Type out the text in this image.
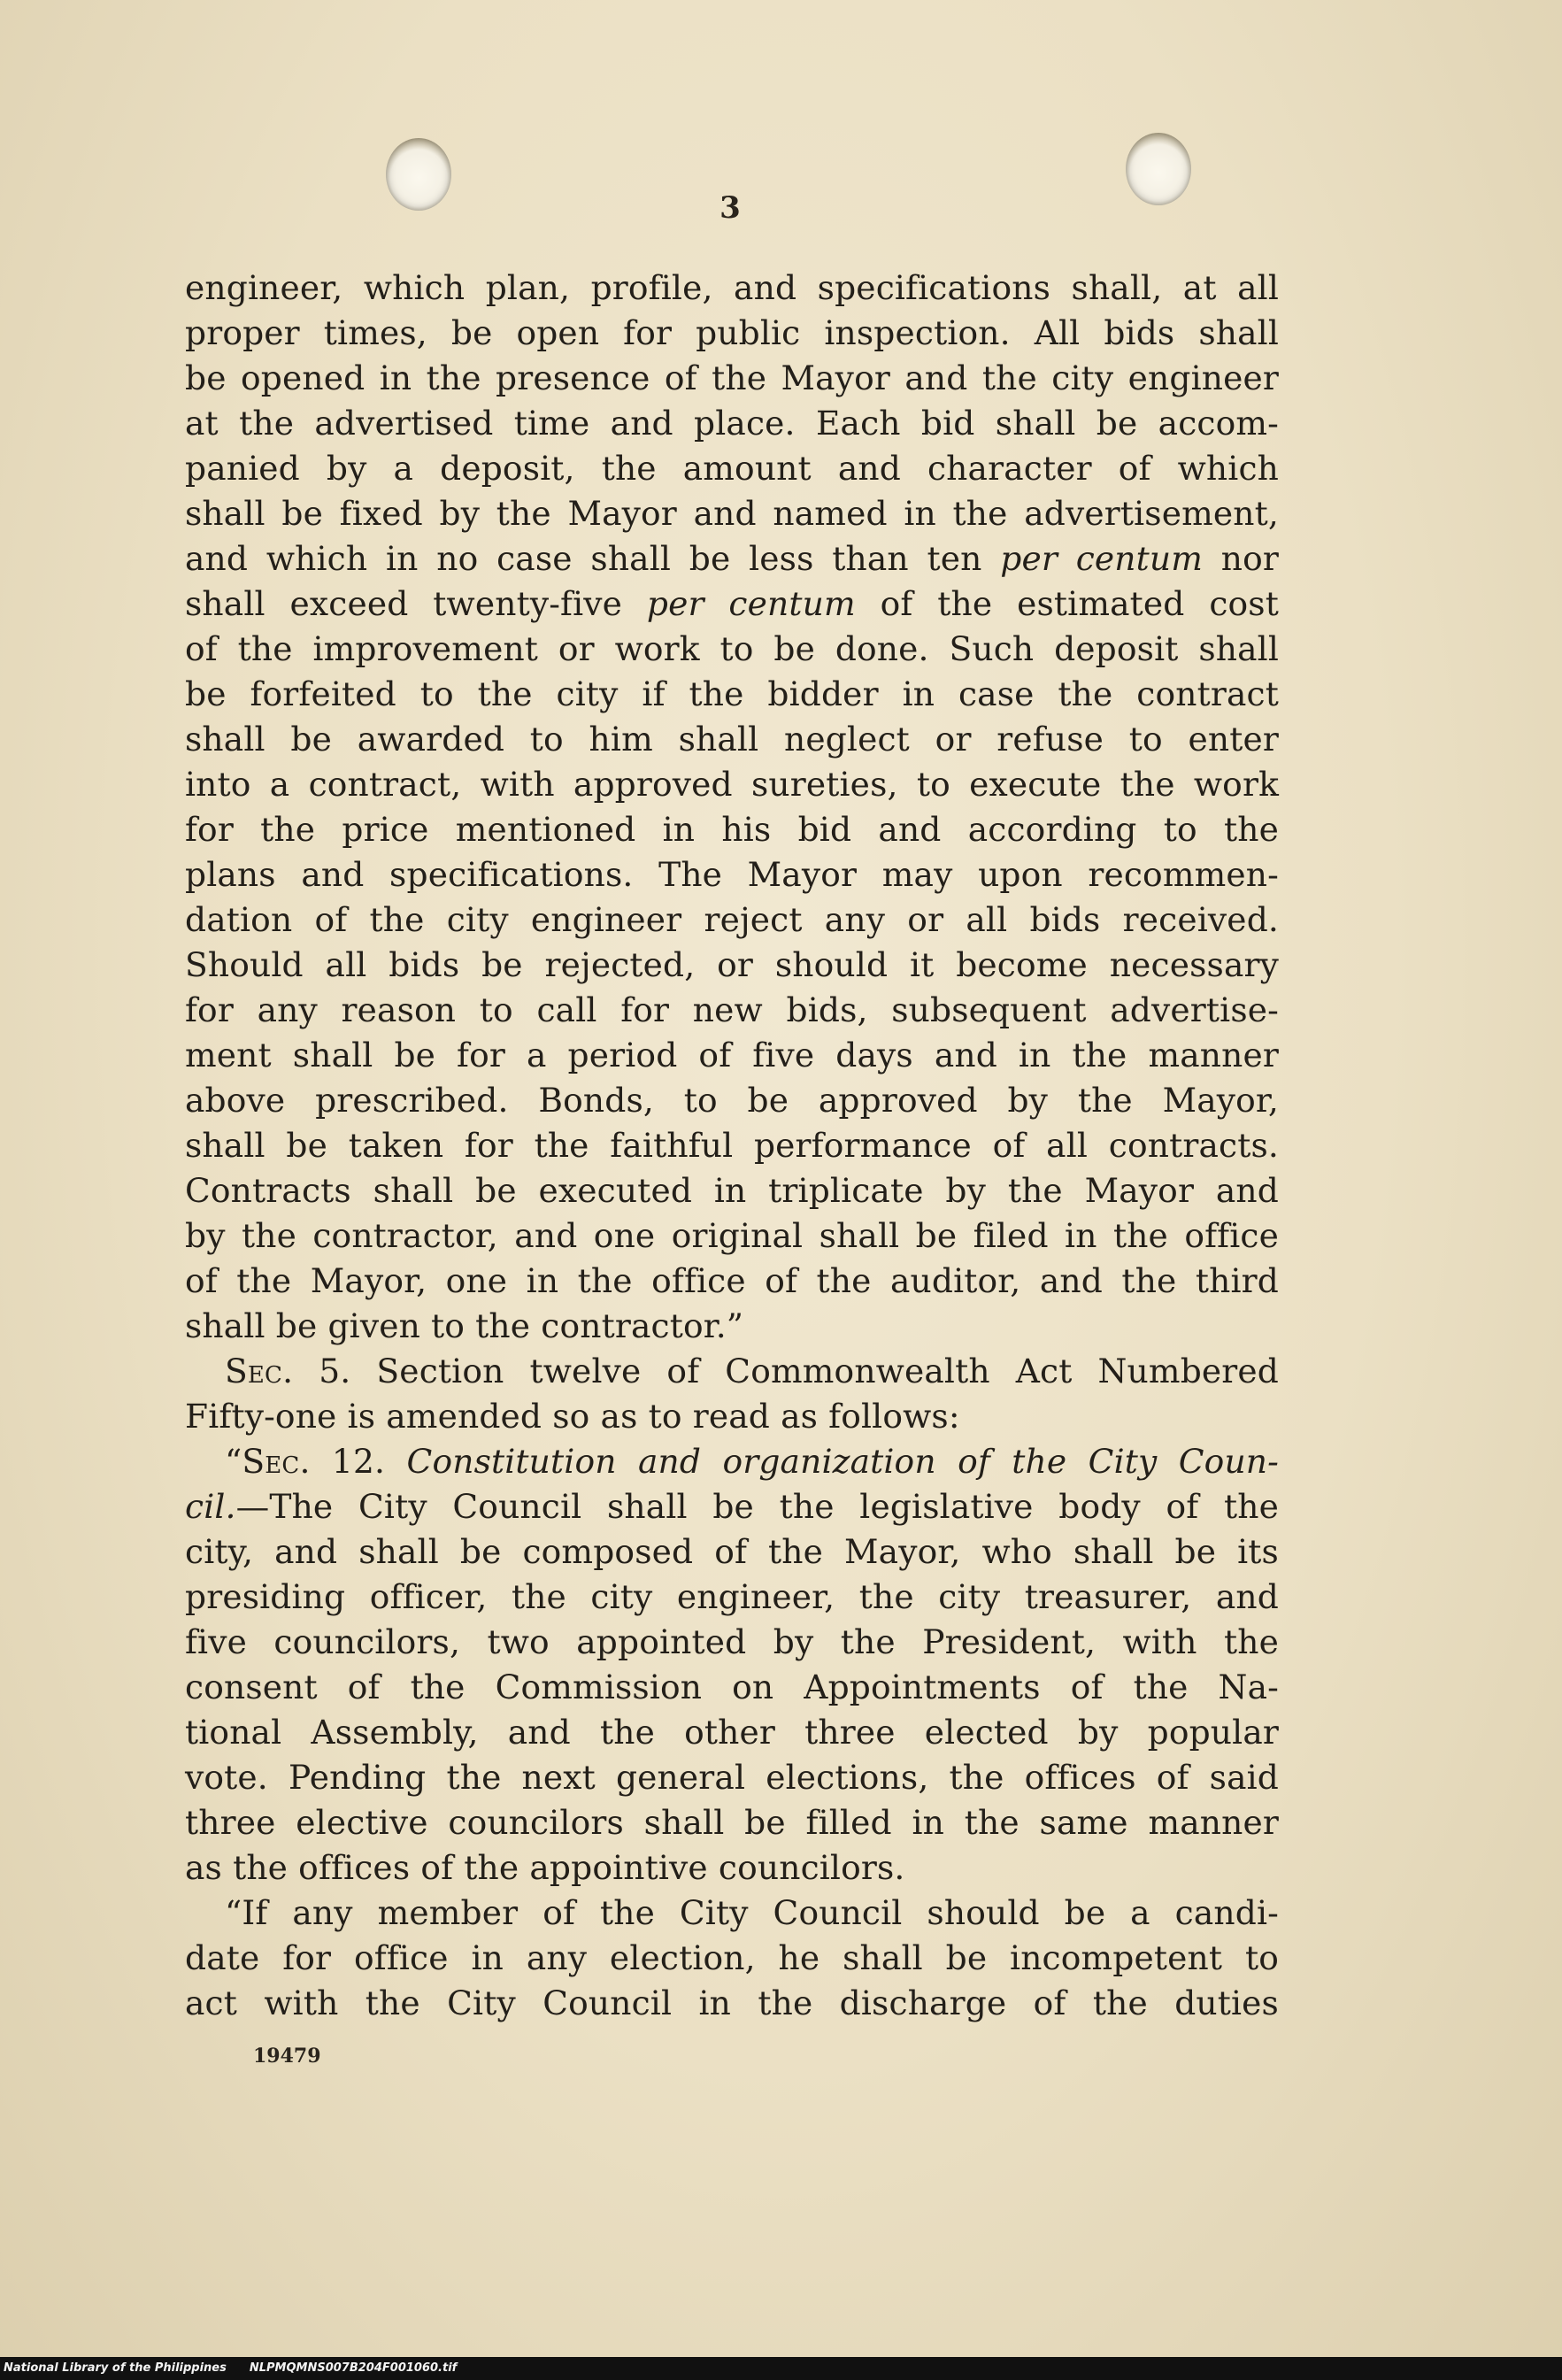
3
engineer, which plan, profile, and specifications shall, at all
proper times, be open for public inspection. All bids shall
be opened in the presence of the Mayor and the city engineer
at the advertised time and place. Each bid shall be accom-
panied by a deposit, the amount and character of which
shall be fixed by the Mayor and named in the advertisement,
and which in no case shall be less than ten per centum nor
shall exceed twenty-five per centum of the estimated cost
of the improvement or work to be done. Such deposit shall
be forfeited to the city if the bidder in case the contract
shall be awarded to him shall neglect or refuse to enter
into a contract, with approved sureties, to execute the work
for the price mentioned in his bid and according to the
plans and specifications. The Mayor may upon recommen-
dation of the city engineer reject any or all bids received.
Should all bids be rejected, or should it become necessary
for any reason to call for new bids, subsequent advertise-
ment shall be for a period of five days and in the manner
above prescribed. Bonds, to be approved by the Mayor,
shall be taken for the faithful performance of all contracts.
Contracts shall be executed in triplicate by the Mayor and
by the contractor, and one original shall be filed in the office
of the Mayor, one in the office of the auditor, and the third
shall be given to the contractor.”
Sec. 5. Section twelve of Commonwealth Act Numbered
Fifty-one is amended so as to read as follows:
“Sec. 12. Constitution and organization of the City Coun-
cil.—The City Council shall be the legislative body of the
city, and shall be composed of the Mayor, who shall be its
presiding officer, the city engineer, the city treasurer, and
five councilors, two appointed by the President, with the
consent of the Commission on Appointments of the Na-
tional Assembly, and the other three elected by popular
vote. Pending the next general elections, the offices of said
three elective councilors shall be filled in the same manner
as the offices of the appointive councilors.
“If any member of the City Council should be a candi-
date for office in any election, he shall be incompetent to
act with the City Council in the discharge of the duties
19479
National Library of the Philippines NLPMQMNS007B204F001060.tif
